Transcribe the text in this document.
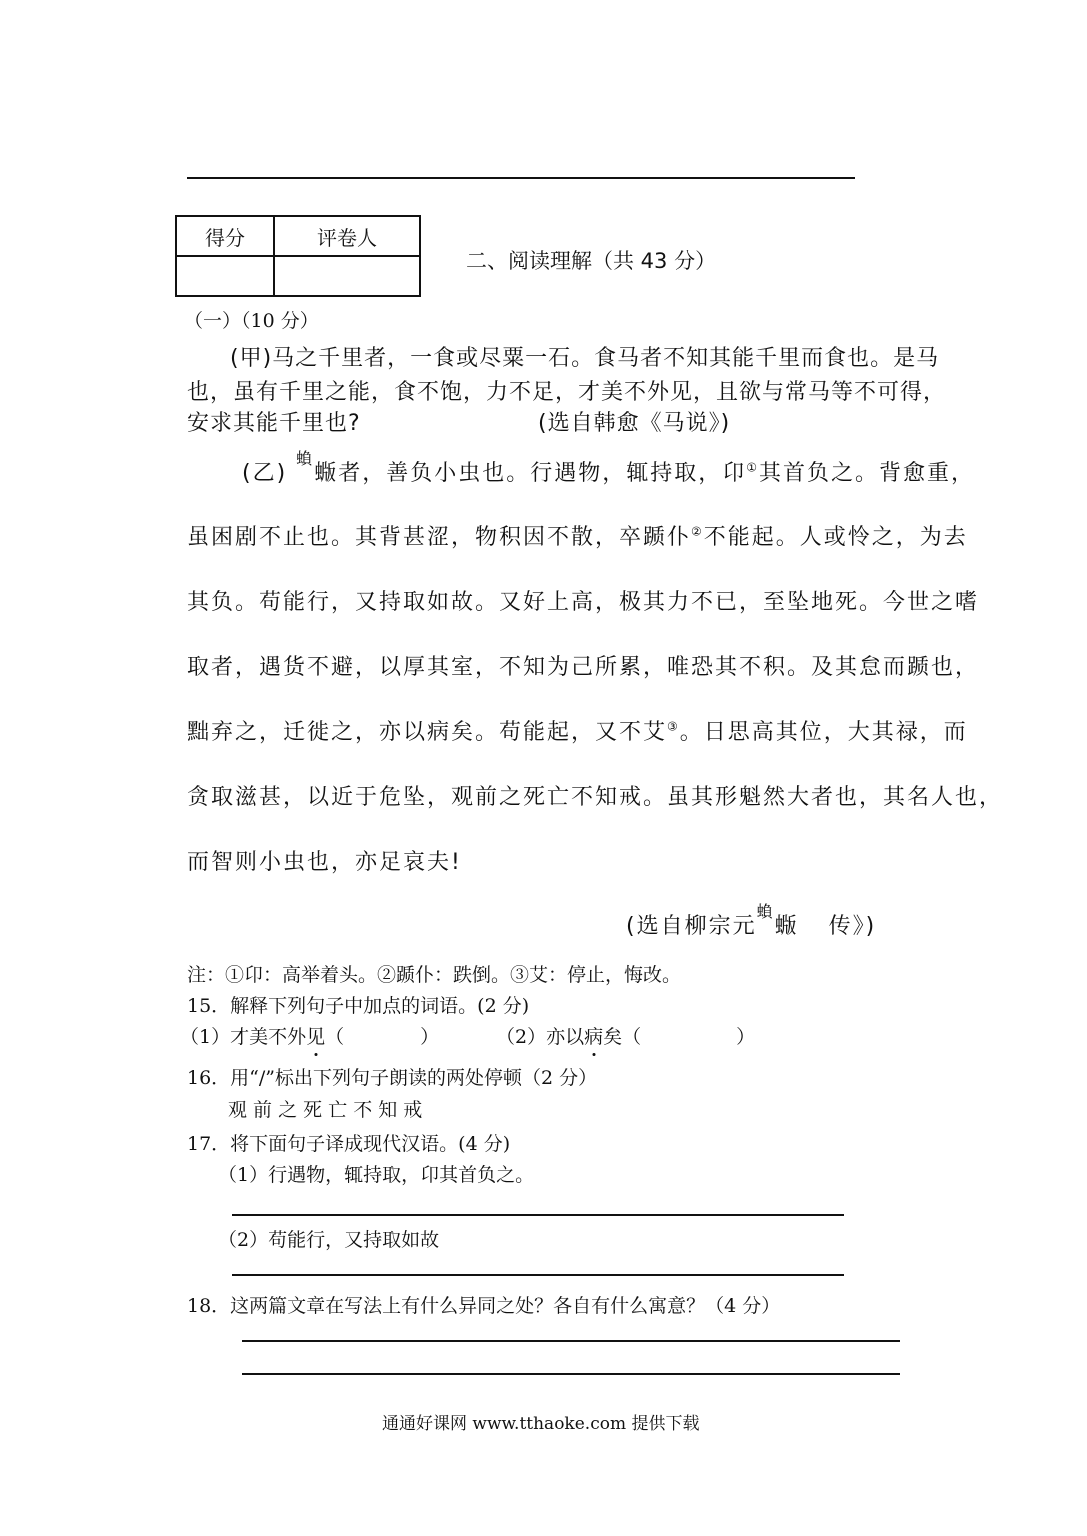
得分	评卷人

二、阅读理解（共 43 分）
（一）（10 分）
(甲)马之千里者，一食或尽粟一石。食马者不知其能千里而食也。是马
也，虽有千里之能，食不饱，力不足，才美不外见，且欲与常马等不可得，
安求其能千里也?	(选自韩愈《马说》)
(乙) $^蝜$蝂者，善负小虫也。行遇物，辄持取，卬①其首负之。背愈重，
虽困剧不止也。其背甚涩，物积因不散，卒踬仆②不能起。人或怜之，为去
其负。苟能行，又持取如故。又好上高，极其力不已，至坠地死。今世之嗜
取者，遇货不避，以厚其室，不知为己所累，唯恐其不积。及其怠而踬也，
黜弃之，迁徙之，亦以病矣。苟能起，又不艾③。日思高其位，大其禄，而
贪取滋甚，以近于危坠，观前之死亡不知戒。虽其形魁然大者也，其名人也，
而智则小虫也，亦足哀夫!
(选自柳宗元$^蝜$蝂 传》)
注：①卬：高举着头。②踬仆：跌倒。③艾：停止，悔改。
15．解释下列句子中加点的词语。(2 分)
（1）才美不外见（　　　　）	（2）亦以病矣（　　　　　）
16．用“/”标出下列句子朗读的两处停顿（2 分）
观 前 之 死 亡 不 知 戒
17．将下面句子译成现代汉语。(4 分)
（1）行遇物，辄持取，卬其首负之。
（2）苟能行，又持取如故
18．这两篇文章在写法上有什么异同之处？各自有什么寓意？（4 分）
通通好课网 www.tthaoke.com 提供下载
